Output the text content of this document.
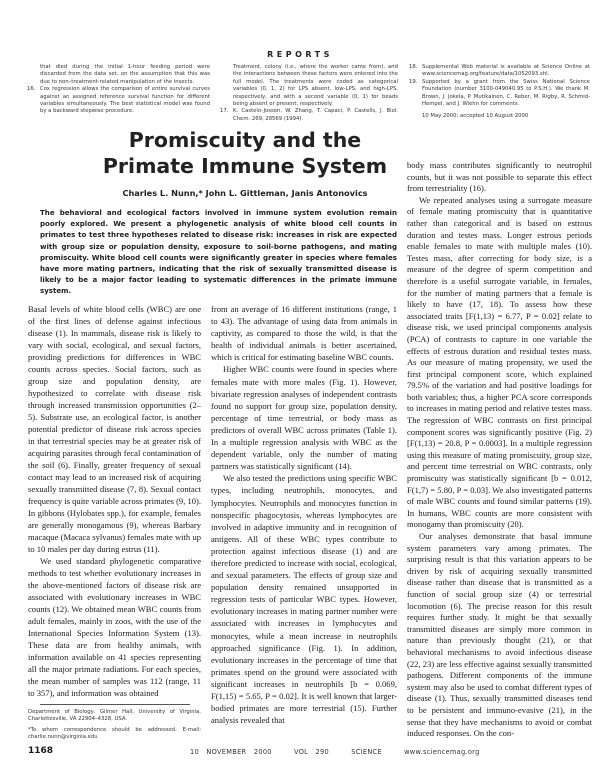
REPORTS
that died during the initial 1-hour feeding period were discarded from the data set, on the assumption that this was due to non–treatment-related manipulation of the insects.
16. Cox regression allows the comparison of entire survival curves against an assigned reference survival function for different variables simultaneously. The best statistical model was found by a backward stepwise procedure.
Treatment, colony (i.e., where the worker came from), and the interactions between these factors were entered into the full model. The treatments were coded as categorical variables (0, 1, 2) for LPS absent, low-LPS, and high-LPS, respectively, and with a second variable (0, 1) for beads being absent or present, respectively.
17. K. Castelo-Josson, W. Zhang, T. Capaci, P. Castells, J. Biol. Chem. 269, 28569 (1994).
18. Supplemental Web material is available at Science Online at www.sciencemag.org/feature/data/1052093.shl.
19. Supported by a grant from the Swiss National Science Foundation (number 3100-049040.95 to P.S.H.). We thank M. Brown, J. Jokela, P. Mutikainen, C. Reber, M. Rigby, R. Schmid-Hempel, and J. Wiehn for comments.
10 May 2000; accepted 10 August 2000
Promiscuity and the Primate Immune System
Charles L. Nunn,* John L. Gittleman, Janis Antonovics
The behavioral and ecological factors involved in immune system evolution remain poorly explored. We present a phylogenetic analysis of white blood cell counts in primates to test three hypotheses related to disease risk: increases in risk are expected with group size or population density, exposure to soil-borne pathogens, and mating promiscuity. White blood cell counts were significantly greater in species where females have more mating partners, indicating that the risk of sexually transmitted disease is likely to be a major factor leading to systematic differences in the primate immune system.

Basal levels of white blood cells (WBC) are one of the first lines of defense against infectious disease (1). In mammals, disease risk is likely to vary with social, ecological, and sexual factors, providing predictions for differences in WBC counts across species. Social factors, such as group size and population density, are hypothesized to correlate with disease risk through increased transmission opportunities (2–5). Substrate use, an ecological factor, is another potential predictor of disease risk across species in that terrestrial species may be at greater risk of acquiring parasites through fecal contamination of the soil (6). Finally, greater frequency of sexual contact may lead to an increased risk of acquiring sexually transmitted disease (7, 8). Sexual contact frequency is quite variable across primates (9, 10). In gibbons (Hylobates spp.), for example, females are generally monogamous (9), whereas Barbary macaque (Macaca sylvanus) females mate with up to 10 males per day during estrus (11).

We used standard phylogenetic comparative methods to test whether evolutionary increases in the above-mentioned factors of disease risk are associated with evolutionary increases in WBC counts (12). We obtained mean WBC counts from adult females, mainly in zoos, with the use of the International Species Information System (13). These data are from healthy animals, with information available on 41 species representing all the major primate radiations. For each species, the mean number of samples was 112 (range, 11 to 357), and information was obtained

from an average of 16 different institutions (range, 1 to 43). The advantage of using data from animals in captivity, as compared to those the wild, is that the health of individual animals is better ascertained, which is critical for estimating baseline WBC counts.

Higher WBC counts were found in species where females mate with more males (Fig. 1). However, bivariate regression analyses of independent contrasts found no support for group size, population density, percentage of time terrestrial, or body mass as predictors of overall WBC across primates (Table 1). In a multiple regression analysis with WBC as the dependent variable, only the number of mating partners was statistically significant (14).

We also tested the predictions using specific WBC types, including neutrophils, monocytes, and lymphocytes. Neutrophils and monocytes function in nonspecific phagocytosis, whereas lymphocytes are involved in adaptive immunity and in recognition of antigens. All of these WBC types contribute to protection against infectious disease (1) and are therefore predicted to increase with social, ecological, and sexual parameters. The effects of group size and population density remained unsupported in regression tests of particular WBC types. However, evolutionary increases in mating partner number were associated with increases in lymphocytes and monocytes, while a mean increase in neutrophils approached significance (Fig. 1). In addition, evolutionary increases in the percentage of time that primates spend on the ground were associated with significant increases in neutrophils [b = 0.069, F(1,15) = 5.65, P = 0.02]. It is well known that larger-bodied primates are more terrestrial (15). Further analysis revealed that

body mass contributes significantly to neutrophil counts, but it was not possible to separate this effect from terrestriality (16).

We repeated analyses using a surrogate measure of female mating promiscuity that is quantitative rather than categorical and is based on estrous duration and testes mass. Longer estrous periods enable females to mate with multiple males (10). Testes mass, after correcting for body size, is a measure of the degree of sperm competition and therefore is a useful surrogate variable, in females, for the number of mating partners that a female is likely to have (17, 18). To assess how these associated traits [F(1,13) = 6.77, P = 0.02] relate to disease risk, we used principal components analysis (PCA) of contrasts to capture in one variable the effects of estrous duration and residual testes mass. As our measure of mating propensity, we used the first principal component score, which explained 79.5% of the variation and had positive loadings for both variables; thus, a higher PCA score corresponds to increases in mating period and relative testes mass. The regression of WBC contrasts on first principal component scores was significantly positive (Fig. 2) [F(1,13) = 20.8, P = 0.0003]. In a multiple regression using this measure of mating promiscuity, group size, and percent time terrestrial on WBC contrasts, only promiscuity was statistically significant [b = 0.012, F(1,7) = 5.80, P = 0.03]. We also investigated patterns of male WBC counts and found similar patterns (19). In humans, WBC counts are more consistent with monogamy than promiscuity (20).

Our analyses demonstrate that basal immune system parameters vary among primates. The surprising result is that this variation appears to be driven by risk of acquiring sexually transmitted disease rather than disease that is transmitted as a function of social group size (4) or terrestrial locomotion (6). The precise reason for this result requires further study. It might be that sexually transmitted diseases are simply more common in nature than previously thought (21), or that behavioral mechanisms to avoid infectious disease (22, 23) are less effective against sexually transmitted pathogens. Different components of the immune system may also be used to combat different types of disease (1). Thus, sexually transmitted diseases tend to be persistent and immuno-evasive (21), in the sense that they have mechanisms to avoid or combat induced responses. On the con-

Department of Biology, Gilmer Hall, University of Virginia, Charlottesville, VA 22904–4328, USA.
*To whom correspondence should be addressed. E-mail: charlie.nunn@virginia.edu
1168	10 NOVEMBER 2000   VOL 290   SCIENCE   www.sciencemag.org
